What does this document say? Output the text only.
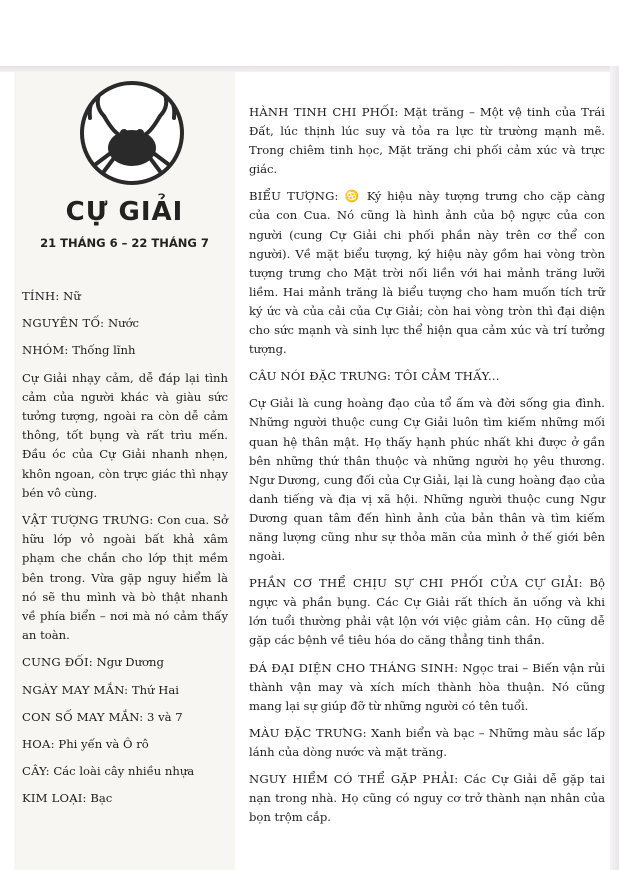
CỰ GIẢI
21 THÁNG 6 – 22 THÁNG 7

TÍNH: Nữ

NGUYÊN TỐ: Nước

NHÓM: Thống lĩnh

Cự Giải nhạy cảm, dễ đáp lại tình cảm của người khác và giàu sức tưởng tượng, ngoài ra còn dễ cảm thông, tốt bụng và rất trìu mến. Đầu óc của Cự Giải nhanh nhẹn, khôn ngoan, còn trực giác thì nhạy bén vô cùng.

VẬT TƯỢNG TRƯNG: Con cua. Sở hữu lớp vỏ ngoài bất khả xâm phạm che chắn cho lớp thịt mềm bên trong. Vừa gặp nguy hiểm là nó sẽ thu mình và bò thật nhanh về phía biển – nơi mà nó cảm thấy an toàn.

CUNG ĐỐI: Ngư Dương

NGÀY MAY MẮN: Thứ Hai

CON SỐ MAY MẮN: 3 và 7

HOA: Phi yến và Ô rô

CÂY: Các loài cây nhiều nhựa

KIM LOẠI: Bạc

HÀNH TINH CHI PHỐI: Mặt trăng – Một vệ tinh của Trái Đất, lúc thịnh lúc suy và tỏa ra lực từ trường mạnh mẽ. Trong chiêm tinh học, Mặt trăng chi phối cảm xúc và trực giác.

BIỂU TƯỢNG: ♋ Ký hiệu này tượng trưng cho cặp càng của con Cua. Nó cũng là hình ảnh của bộ ngực của con người (cung Cự Giải chi phối phần này trên cơ thể con người). Về mặt biểu tượng, ký hiệu này gồm hai vòng tròn tượng trưng cho Mặt trời nối liền với hai mảnh trăng lưỡi liềm. Hai mảnh trăng là biểu tượng cho ham muốn tích trữ ký ức và của cải của Cự Giải; còn hai vòng tròn thì đại diện cho sức mạnh và sinh lực thể hiện qua cảm xúc và trí tưởng tượng.

CÂU NÓI ĐẶC TRƯNG: TÔI CẢM THẤY...

Cự Giải là cung hoàng đạo của tổ ấm và đời sống gia đình. Những người thuộc cung Cự Giải luôn tìm kiếm những mối quan hệ thân mật. Họ thấy hạnh phúc nhất khi được ở gần bên những thứ thân thuộc và những người họ yêu thương. Ngư Dương, cung đối của Cự Giải, lại là cung hoàng đạo của danh tiếng và địa vị xã hội. Những người thuộc cung Ngư Dương quan tâm đến hình ảnh của bản thân và tìm kiếm năng lượng cũng như sự thỏa mãn của mình ở thế giới bên ngoài.

PHẦN CƠ THỂ CHỊU SỰ CHI PHỐI CỦA CỰ GIẢI: Bộ ngực và phần bụng. Các Cự Giải rất thích ăn uống và khi lớn tuổi thường phải vật lộn với việc giảm cân. Họ cũng dễ gặp các bệnh về tiêu hóa do căng thẳng tinh thần.

ĐÁ ĐẠI DIỆN CHO THÁNG SINH: Ngọc trai – Biến vận rủi thành vận may và xích mích thành hòa thuận. Nó cũng mang lại sự giúp đỡ từ những người có tên tuổi.

MÀU ĐẶC TRƯNG: Xanh biển và bạc – Những màu sắc lấp lánh của dòng nước và mặt trăng.

NGUY HIỂM CÓ THỂ GẶP PHẢI: Các Cự Giải dễ gặp tai nạn trong nhà. Họ cũng có nguy cơ trở thành nạn nhân của bọn trộm cắp.
